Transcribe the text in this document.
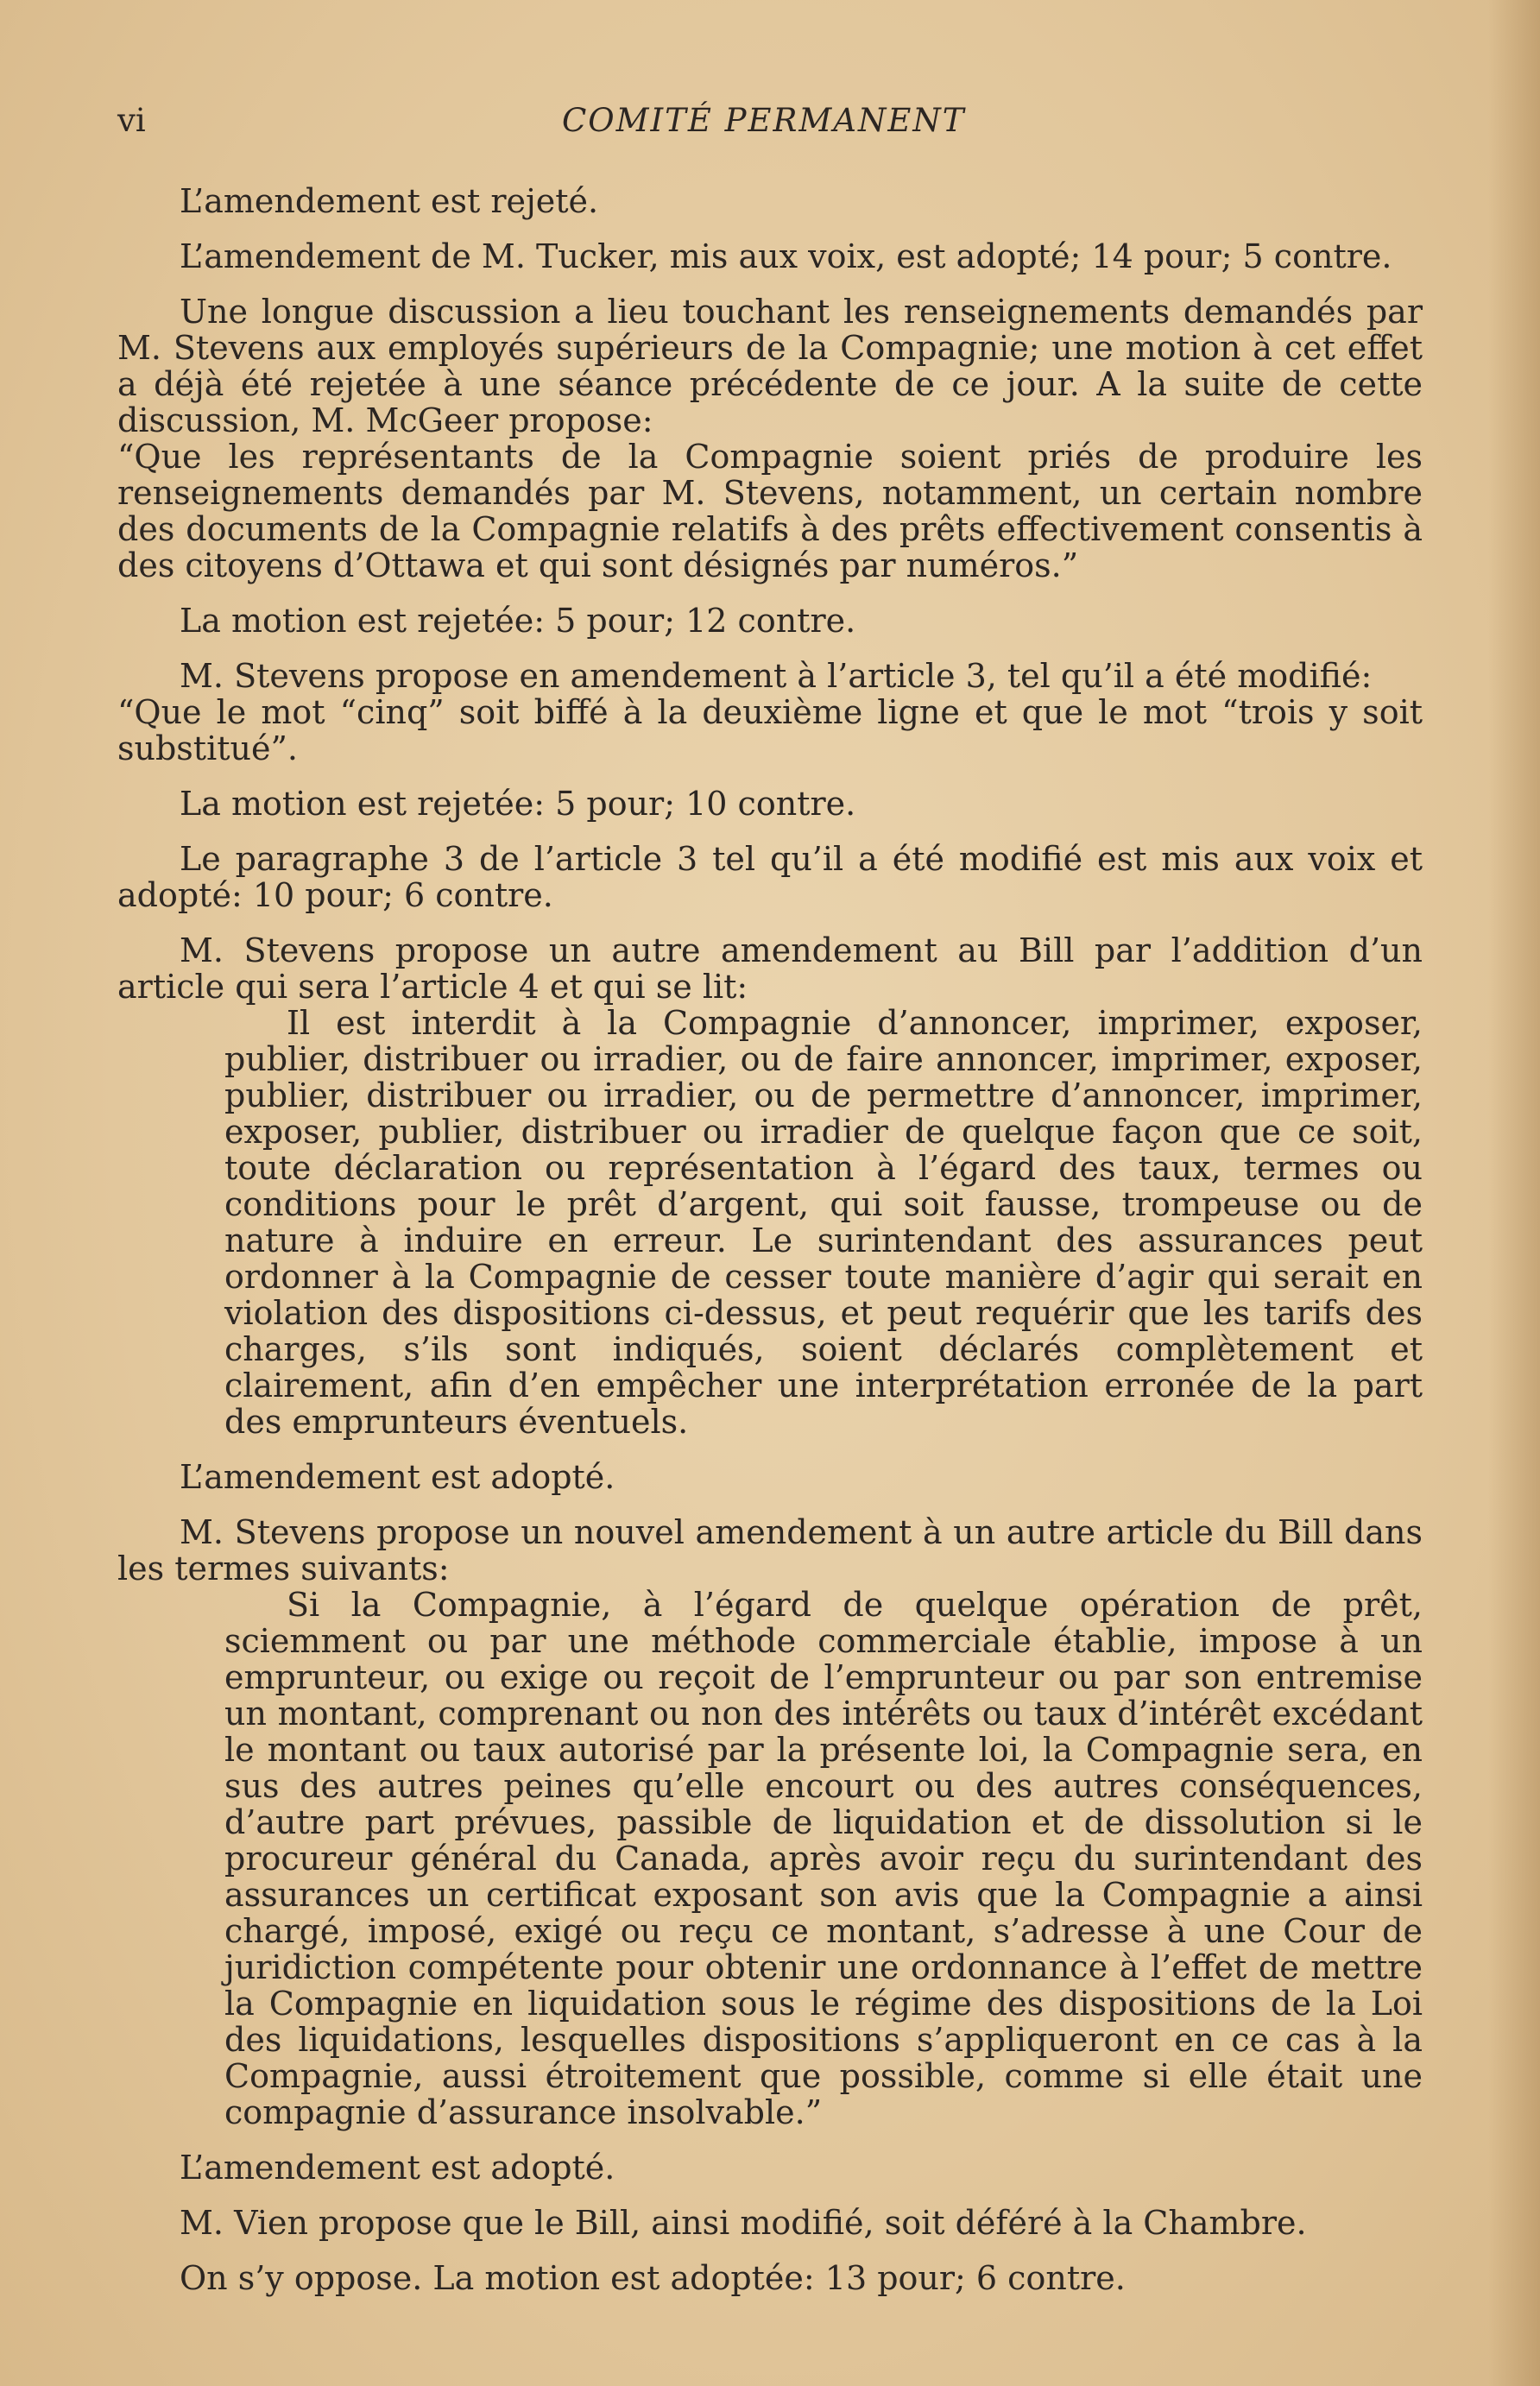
vi	COMITÉ PERMANENT

L’amendement est rejeté.

L’amendement de M. Tucker, mis aux voix, est adopté; 14 pour; 5 contre.

Une longue discussion a lieu touchant les renseignements demandés par M. Stevens aux employés supérieurs de la Compagnie; une motion à cet effet a déjà été rejetée à une séance précédente de ce jour. A la suite de cette discussion, M. McGeer propose:

“Que les représentants de la Compagnie soient priés de produire les renseignements demandés par M. Stevens, notamment, un certain nombre des documents de la Compagnie relatifs à des prêts effectivement consentis à des citoyens d’Ottawa et qui sont désignés par numéros.”

La motion est rejetée: 5 pour; 12 contre.

M. Stevens propose en amendement à l’article 3, tel qu’il a été modifié:

“Que le mot “cinq” soit biffé à la deuxième ligne et que le mot “trois y soit substitué”.

La motion est rejetée: 5 pour; 10 contre.

Le paragraphe 3 de l’article 3 tel qu’il a été modifié est mis aux voix et adopté: 10 pour; 6 contre.

M. Stevens propose un autre amendement au Bill par l’addition d’un article qui sera l’article 4 et qui se lit:

Il est interdit à la Compagnie d’annoncer, imprimer, exposer, publier, distribuer ou irradier, ou de faire annoncer, imprimer, exposer, publier, distribuer ou irradier, ou de permettre d’annoncer, imprimer, exposer, publier, distribuer ou irradier de quelque façon que ce soit, toute déclaration ou représentation à l’égard des taux, termes ou conditions pour le prêt d’argent, qui soit fausse, trompeuse ou de nature à induire en erreur. Le surintendant des assurances peut ordonner à la Compagnie de cesser toute manière d’agir qui serait en violation des dispositions ci-dessus, et peut requérir que les tarifs des charges, s’ils sont indiqués, soient déclarés complètement et clairement, afin d’en empêcher une interprétation erronée de la part des emprunteurs éventuels.

L’amendement est adopté.

M. Stevens propose un nouvel amendement à un autre article du Bill dans les termes suivants:

Si la Compagnie, à l’égard de quelque opération de prêt, sciemment ou par une méthode commerciale établie, impose à un emprunteur, ou exige ou reçoit de l’emprunteur ou par son entremise un montant, comprenant ou non des intérêts ou taux d’intérêt excédant le montant ou taux autorisé par la présente loi, la Compagnie sera, en sus des autres peines qu’elle encourt ou des autres conséquences, d’autre part prévues, passible de liquidation et de dissolution si le procureur général du Canada, après avoir reçu du surintendant des assurances un certificat exposant son avis que la Compagnie a ainsi chargé, imposé, exigé ou reçu ce montant, s’adresse à une Cour de juridiction compétente pour obtenir une ordonnance à l’effet de mettre la Compagnie en liquidation sous le régime des dispositions de la Loi des liquidations, lesquelles dispositions s’appliqueront en ce cas à la Compagnie, aussi étroitement que possible, comme si elle était une compagnie d’assurance insolvable.”

L’amendement est adopté.

M. Vien propose que le Bill, ainsi modifié, soit déféré à la Chambre.

On s’y oppose. La motion est adoptée: 13 pour; 6 contre.
